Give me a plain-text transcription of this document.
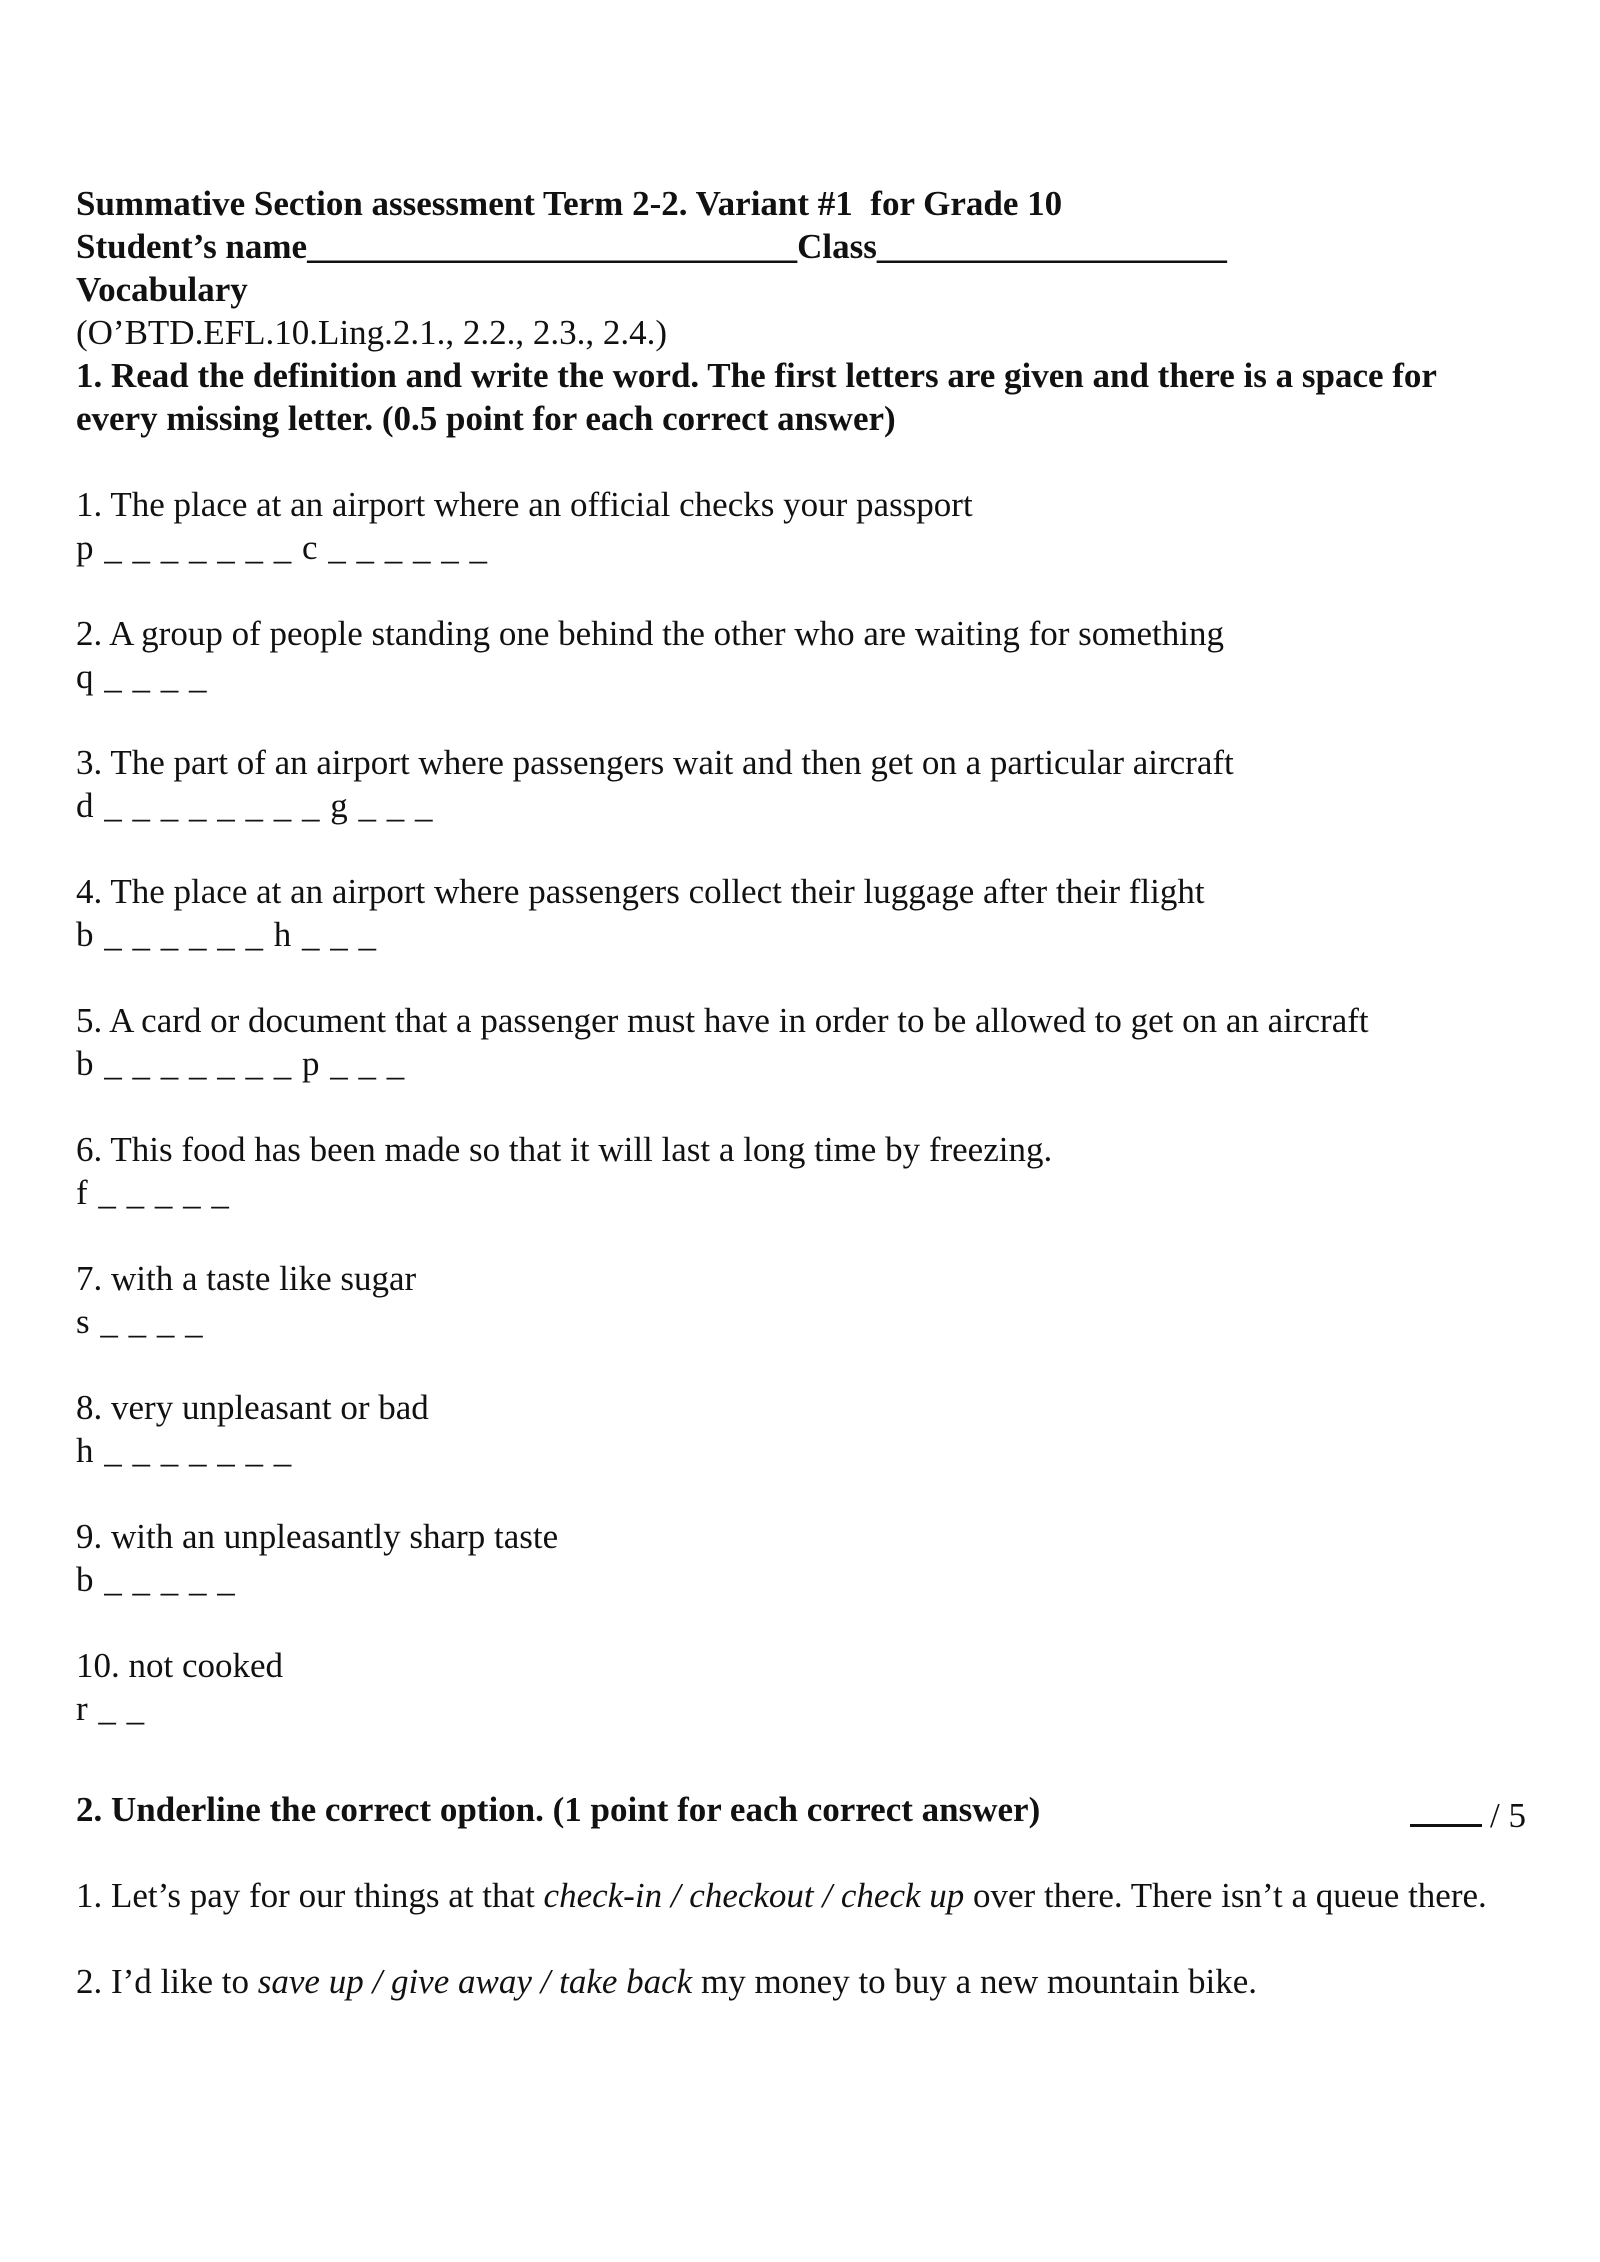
Summative Section assessment Term 2-2. Variant #1  for Grade 10
Student’s name____________________________Class____________________
Vocabulary
(O’BTD.EFL.10.Ling.2.1., 2.2., 2.3., 2.4.)
1. Read the definition and write the word. The first letters are given and there is a space for every missing letter. (0.5 point for each correct answer)
1. The place at an airport where an official checks your passport
p _ _ _ _ _ _ _ c _ _ _ _ _ _
2. A group of people standing one behind the other who are waiting for something
q _ _ _ _
3. The part of an airport where passengers wait and then get on a particular aircraft
d _ _ _ _ _ _ _ _ g _ _ _
4. The place at an airport where passengers collect their luggage after their flight
b _ _ _ _ _ _ h _ _ _
5. A card or document that a passenger must have in order to be allowed to get on an aircraft
b _ _ _ _ _ _ _ p _ _ _
6. This food has been made so that it will last a long time by freezing.
f _ _ _ _ _
7. with a taste like sugar
s _ _ _ _
8. very unpleasant or bad
h _ _ _ _ _ _ _
9. with an unpleasantly sharp taste
b _ _ _ _ _
10. not cooked
r _ _
2. Underline the correct option. (1 point for each correct answer)
1. Let’s pay for our things at that check-in / checkout / check up over there. There isn’t a queue there.
2. I’d like to save up / give away / take back my money to buy a new mountain bike.
/ 5
